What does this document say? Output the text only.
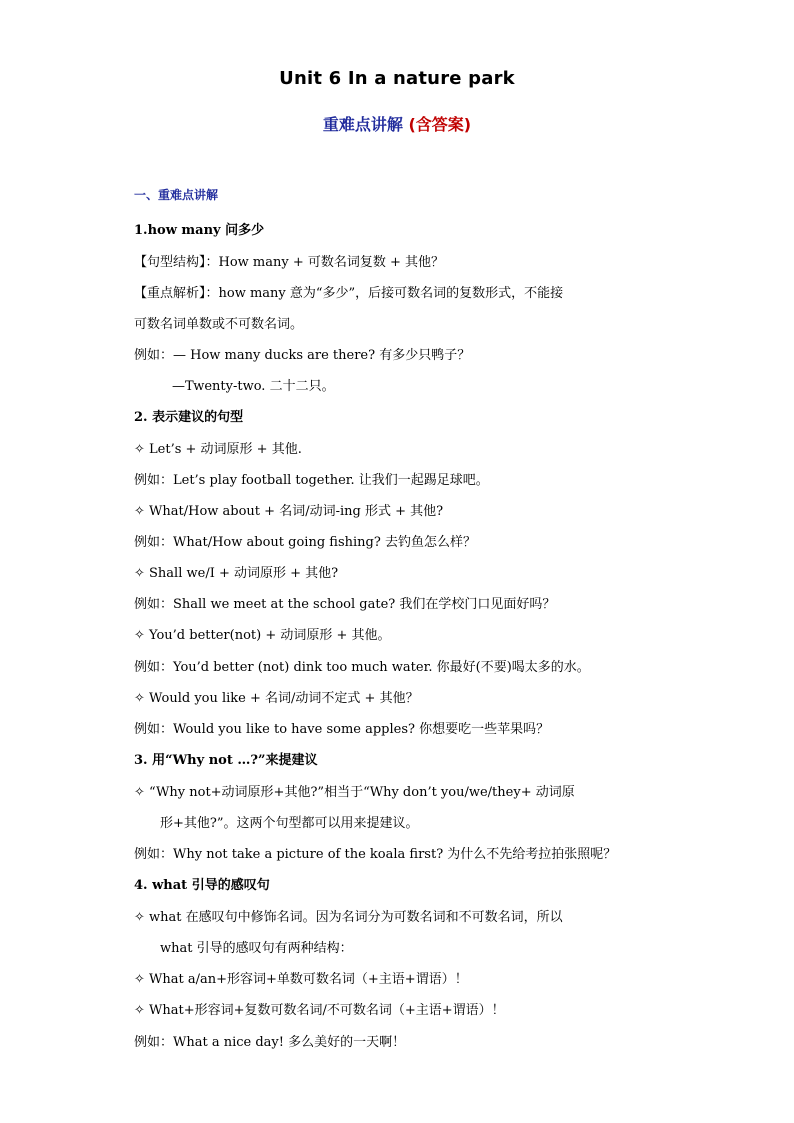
Unit 6 In a nature park
重难点讲解 (含答案)
一、重难点讲解
1.how many 问多少
【句型结构】：How many + 可数名词复数 + 其他？
【重点解析】：how many 意为“多少”，后接可数名词的复数形式，不能接
可数名词单数或不可数名词。
例如：— How many ducks are there? 有多少只鸭子？
—Twenty-two. 二十二只。
2. 表示建议的句型
✧ Let’s + 动词原形 + 其他.
例如：Let’s play football together. 让我们一起踢足球吧。
✧ What/How about + 名词/动词-ing 形式 + 其他?
例如：What/How about going fishing? 去钓鱼怎么样？
✧ Shall we/I + 动词原形 + 其他?
例如：Shall we meet at the school gate? 我们在学校门口见面好吗？
✧ You’d better(not) + 动词原形 + 其他。
例如：You’d better (not) dink too much water. 你最好(不要)喝太多的水。
✧ Would you like + 名词/动词不定式 + 其他？
例如：Would you like to have some apples? 你想要吃一些苹果吗？
3. 用“Why not …?”来提建议
✧ “Why not+动词原形+其他?”相当于“Why don’t you/we/they+ 动词原
形+其他?”。这两个句型都可以用来提建议。
例如：Why not take a picture of the koala first? 为什么不先给考拉拍张照呢？
4. what 引导的感叹句
✧ what 在感叹句中修饰名词。因为名词分为可数名词和不可数名词，所以
what 引导的感叹句有两种结构：
✧ What a/an+形容词+单数可数名词（+主语+谓语）！
✧ What+形容词+复数可数名词/不可数名词（+主语+谓语）！
例如：What a nice day! 多么美好的一天啊！
